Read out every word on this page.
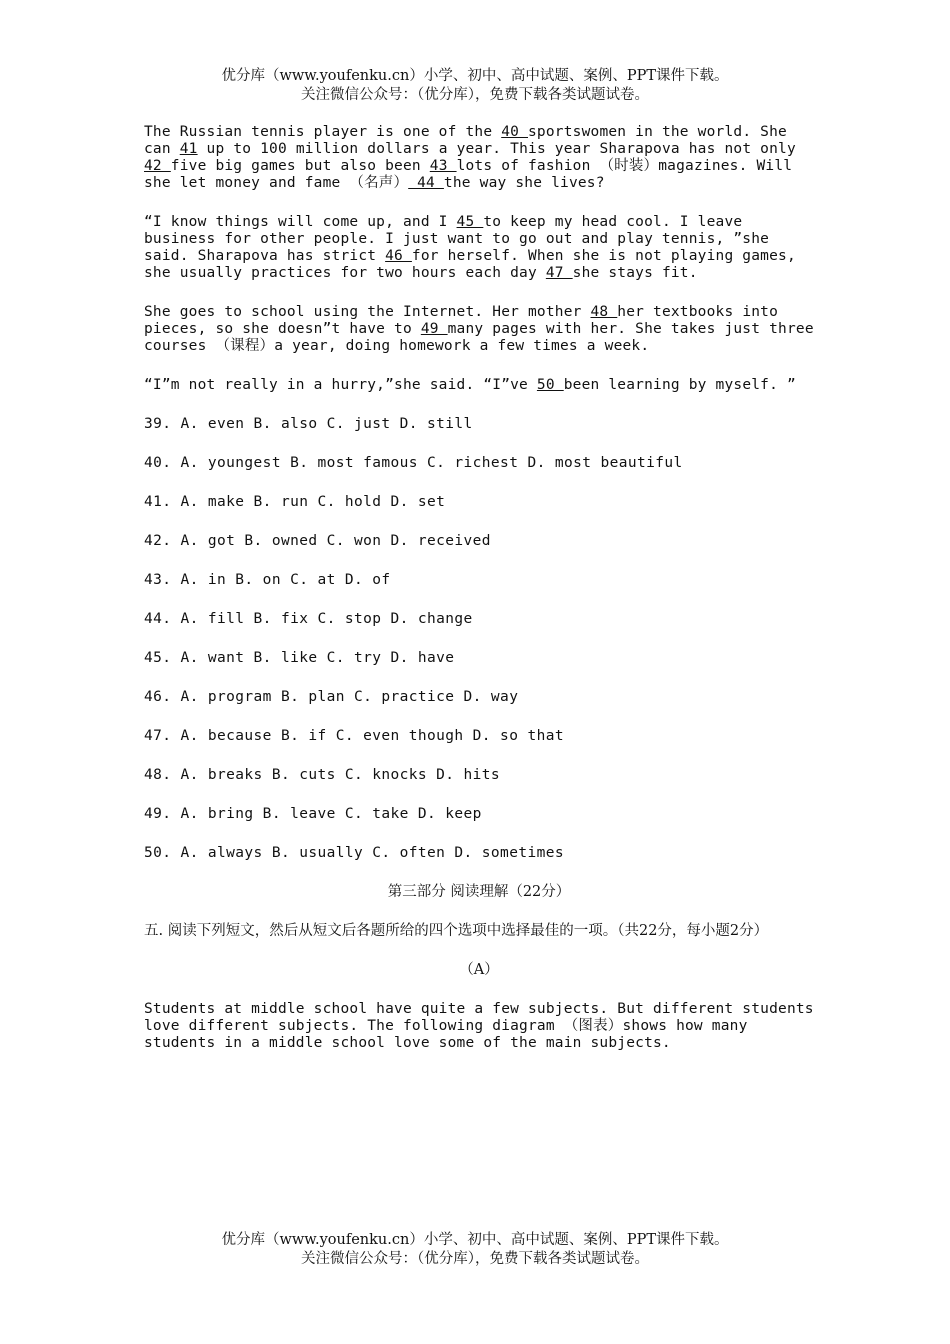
优分库（www.youfenku.cn）小学、初中、高中试题、案例、PPT课件下载。
关注微信公众号：（优分库），免费下载各类试题试卷。

The Russian tennis player is one of the 40 sportswomen in the world. She can 41 up to 100 million dollars a year. This year Sharapova has not only 42 five big games but also been 43 lots of fashion （时装）magazines. Will she let money and fame （名声） 44 the way she lives?

“I know things will come up, and I 45 to keep my head cool. I leave business for other people. I just want to go out and play tennis, ”she said. Sharapova has strict 46 for herself. When she is not playing games, she usually practices for two hours each day 47 she stays fit.

She goes to school using the Internet. Her mother 48 her textbooks into pieces, so she doesn”t have to 49 many pages with her. She takes just three courses （课程）a year, doing homework a few times a week.

“I”m not really in a hurry,”she said. “I”ve 50 been learning by myself. ”

39. A. even B. also C. just D. still

40. A. youngest B. most famous C. richest D. most beautiful

41. A. make B. run C. hold D. set

42. A. got B. owned C. won D. received

43. A. in B. on C. at D. of

44. A. fill B. fix C. stop D. change

45. A. want B. like C. try D. have

46. A. program B. plan C. practice D. way

47. A. because B. if C. even though D. so that

48. A. breaks B. cuts C. knocks D. hits

49. A. bring B. leave C. take D. keep

50. A. always B. usually C. often D. sometimes

第三部分 阅读理解（22分）

五. 阅读下列短文，然后从短文后各题所给的四个选项中选择最佳的一项。（共22分，每小题2分）

（A）

Students at middle school have quite a few subjects. But different students love different subjects. The following diagram （图表）shows how many students in a middle school love some of the main subjects.

优分库（www.youfenku.cn）小学、初中、高中试题、案例、PPT课件下载。
关注微信公众号：（优分库），免费下载各类试题试卷。
